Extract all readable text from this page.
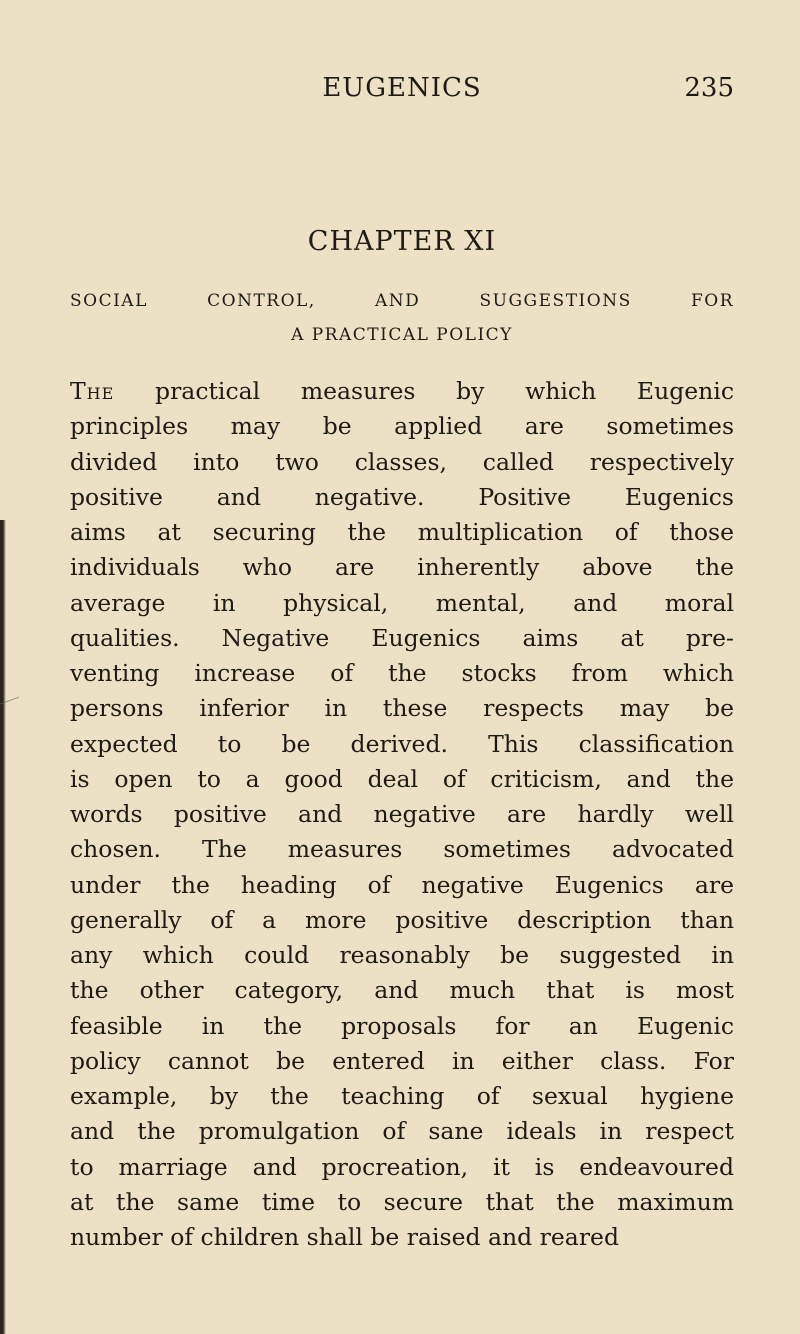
EUGENICS	235
CHAPTER XI
SOCIAL CONTROL, AND SUGGESTIONS FOR
A PRACTICAL POLICY
The practical measures by which Eugenic
principles may be applied are sometimes
divided into two classes, called respectively
positive and negative. Positive Eugenics
aims at securing the multiplication of those
individuals who are inherently above the
average in physical, mental, and moral
qualities. Negative Eugenics aims at pre-
venting increase of the stocks from which
persons inferior in these respects may be
expected to be derived. This classification
is open to a good deal of criticism, and the
words positive and negative are hardly well
chosen. The measures sometimes advocated
under the heading of negative Eugenics are
generally of a more positive description than
any which could reasonably be suggested in
the other category, and much that is most
feasible in the proposals for an Eugenic
policy cannot be entered in either class. For
example, by the teaching of sexual hygiene
and the promulgation of sane ideals in respect
to marriage and procreation, it is endeavoured
at the same time to secure that the maximum
number of children shall be raised and reared
